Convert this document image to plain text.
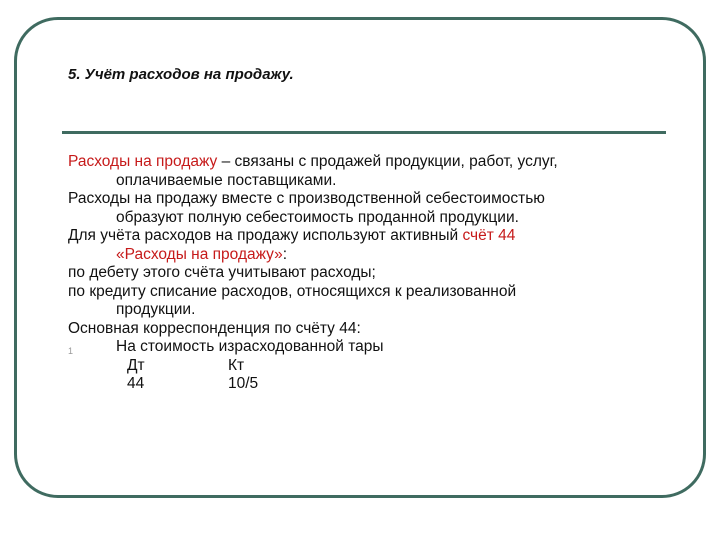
5. Учёт расходов на продажу.
Расходы на продажу – связаны с продажей продукции, работ, услуг,
оплачиваемые поставщиками.
Расходы на продажу вместе с производственной себестоимостью
образуют полную себестоимость проданной продукции.
Для учёта расходов на продажу используют активный счёт 44
«Расходы на продажу»:
по дебету этого счёта учитывают расходы;
по кредиту списание расходов, относящихся к реализованной
продукции.
Основная корреспонденция по счёту 44:
1	На стоимость израсходованной тары
Дт	Кт
44	10/5
